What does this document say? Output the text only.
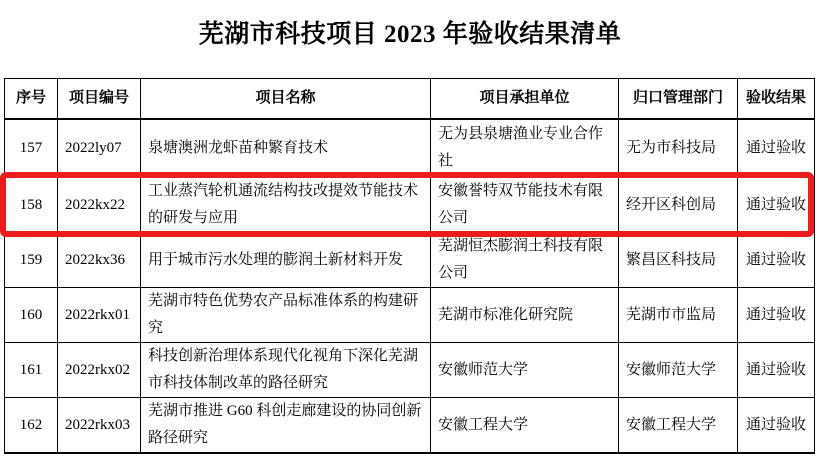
芜湖市科技项目 2023 年验收结果清单
序号	项目编号	项目名称	项目承担单位	归口管理部门	验收结果
157	2022ly07	泉塘澳洲龙虾苗种繁育技术	无为县泉塘渔业专业合作社	无为市科技局	通过验收
158	2022kx22	工业蒸汽轮机通流结构技改提效节能技术的研发与应用	安徽誉特双节能技术有限公司	经开区科创局	通过验收
159	2022kx36	用于城市污水处理的膨润土新材料开发	芜湖恒杰膨润土科技有限公司	繁昌区科技局	通过验收
160	2022rkx01	芜湖市特色优势农产品标准体系的构建研究	芜湖市标准化研究院	芜湖市市监局	通过验收
161	2022rkx02	科技创新治理体系现代化视角下深化芜湖市科技体制改革的路径研究	安徽师范大学	安徽师范大学	通过验收
162	2022rkx03	芜湖市推进 G60 科创走廊建设的协同创新路径研究	安徽工程大学	安徽工程大学	通过验收
